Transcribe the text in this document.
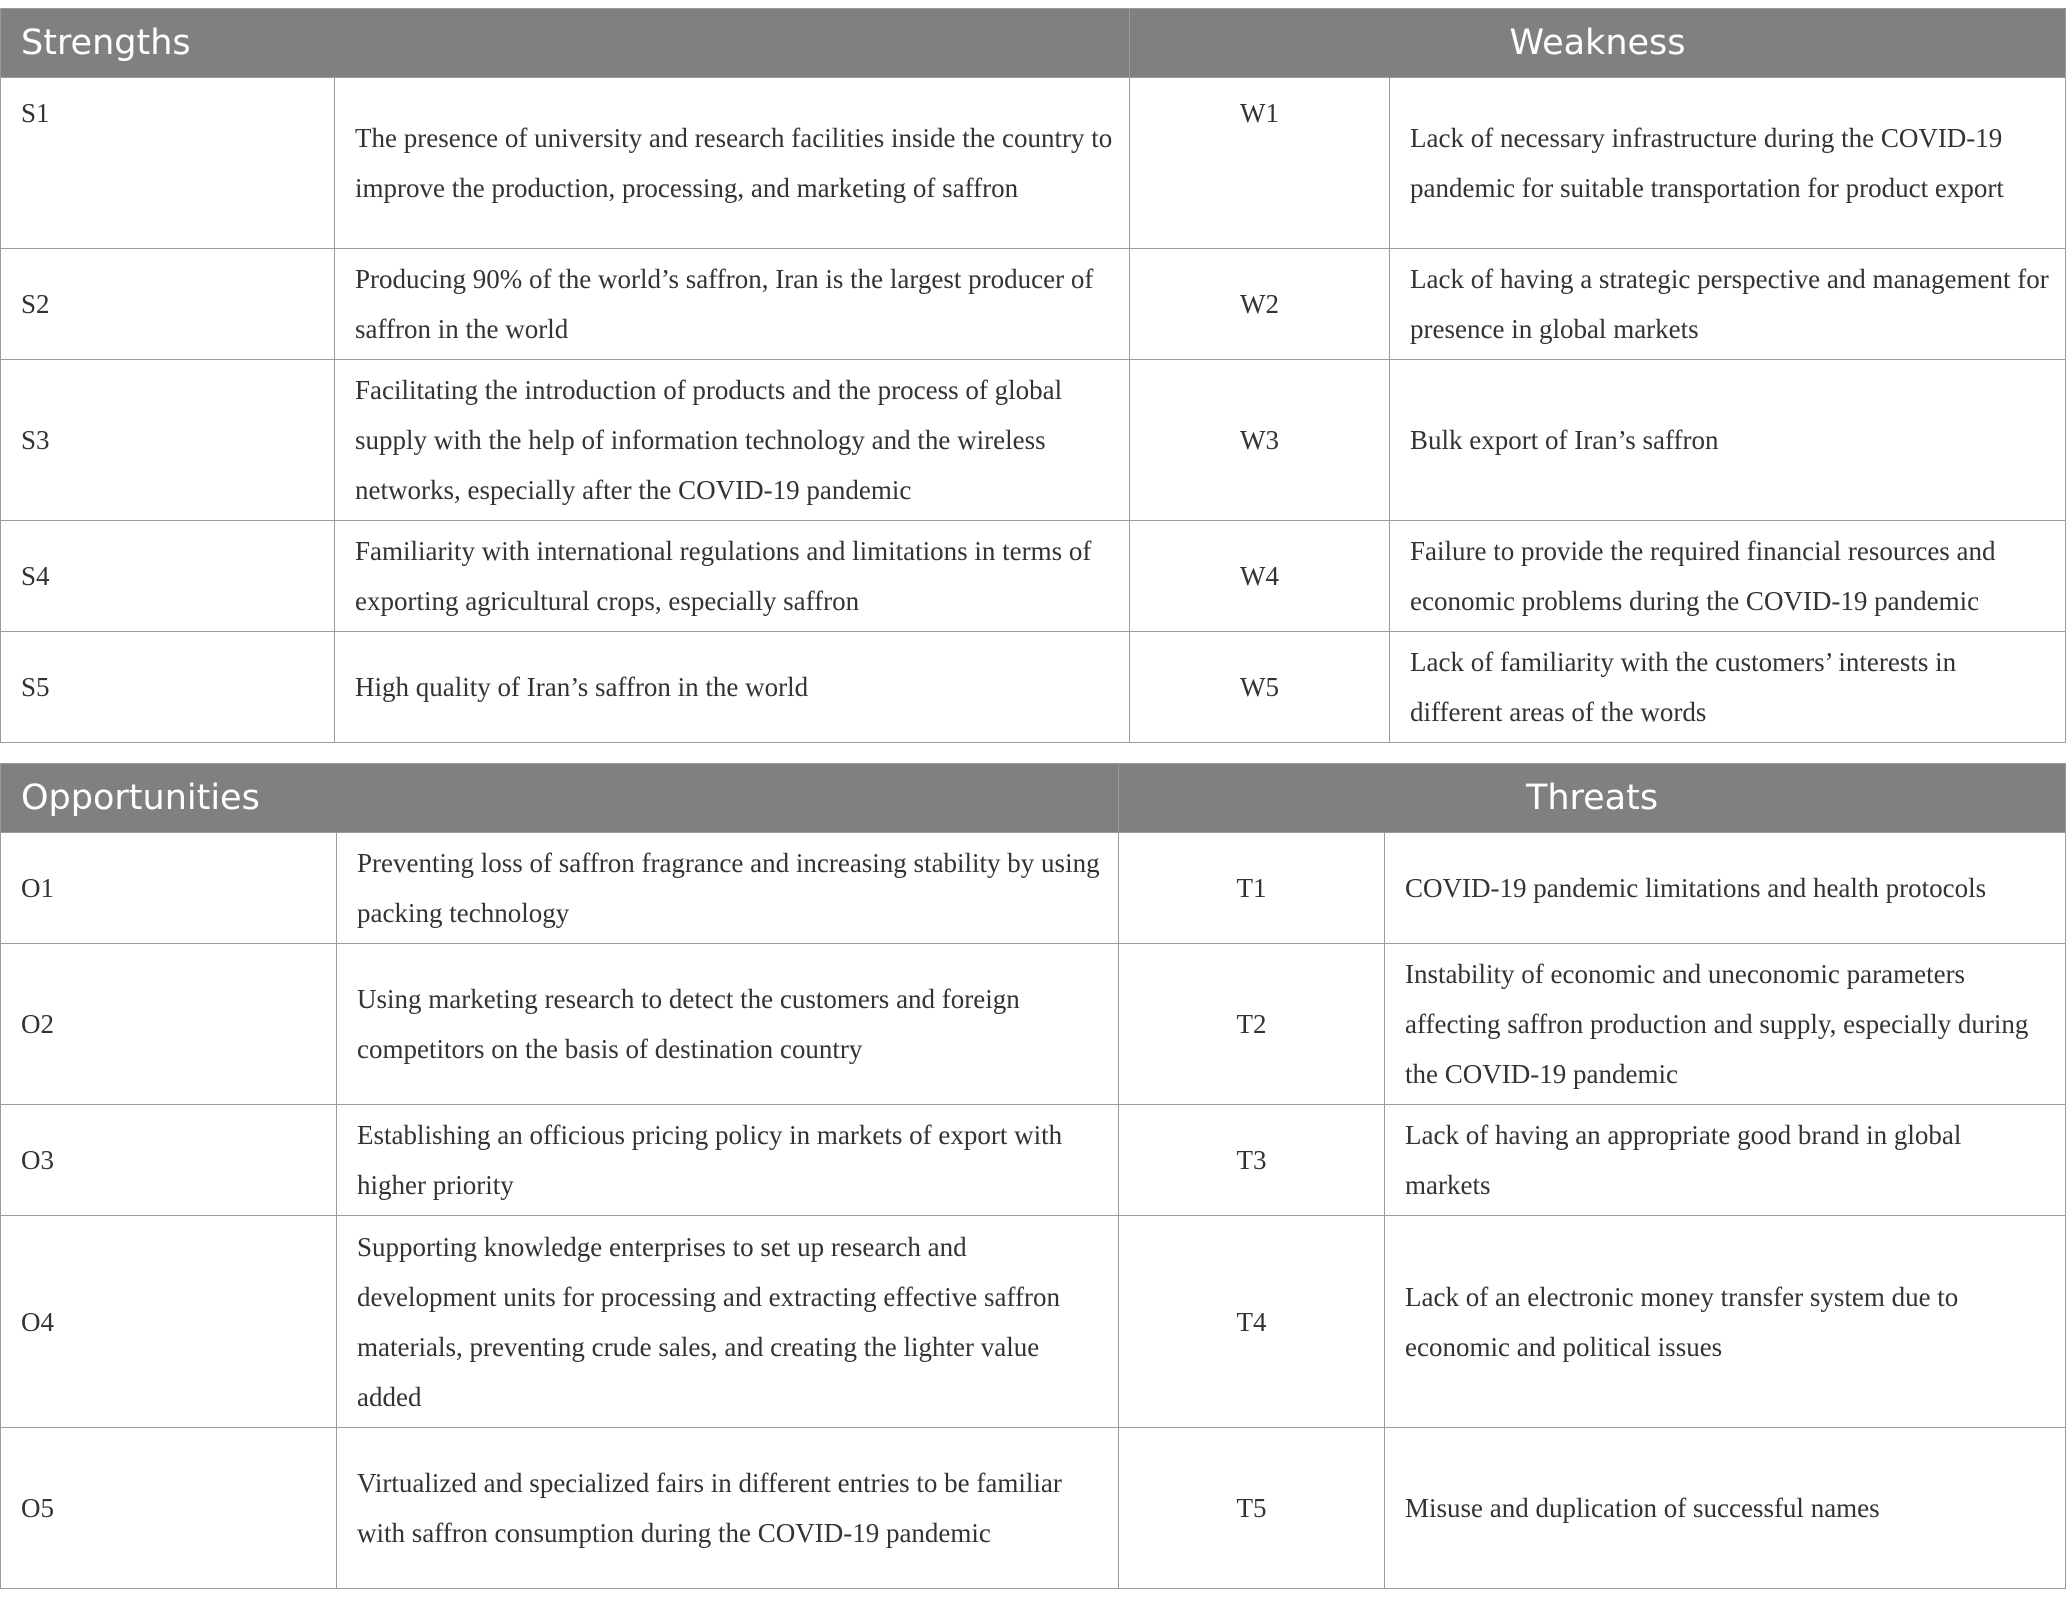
Strengths		Weakness	
S1	The presence of university and research facilities inside the country to improve the production, processing, and marketing of saffron	W1	Lack of necessary infrastructure during the COVID-19 pandemic for suitable transportation for product export
S2	Producing 90% of the world’s saffron, Iran is the largest producer of saffron in the world	W2	Lack of having a strategic perspective and management for presence in global markets
S3	Facilitating the introduction of products and the process of global supply with the help of information technology and the wireless networks, especially after the COVID-19 pandemic	W3	Bulk export of Iran’s saffron
S4	Familiarity with international regulations and limitations in terms of exporting agricultural crops, especially saffron	W4	Failure to provide the required financial resources and economic problems during the COVID-19 pandemic
S5	High quality of Iran’s saffron in the world	W5	Lack of familiarity with the customers’ interests in different areas of the words
Opportunities		Threats	
O1	Preventing loss of saffron fragrance and increasing stability by using packing technology	T1	COVID-19 pandemic limitations and health protocols
O2	Using marketing research to detect the customers and foreign competitors on the basis of destination country	T2	Instability of economic and uneconomic parameters affecting saffron production and supply, especially during the COVID-19 pandemic
O3	Establishing an officious pricing policy in markets of export with higher priority	T3	Lack of having an appropriate good brand in global markets
O4	Supporting knowledge enterprises to set up research and development units for processing and extracting effective saffron materials, preventing crude sales, and creating the lighter value added	T4	Lack of an electronic money transfer system due to economic and political issues
O5	Virtualized and specialized fairs in different entries to be familiar with saffron consumption during the COVID-19 pandemic	T5	Misuse and duplication of successful names
